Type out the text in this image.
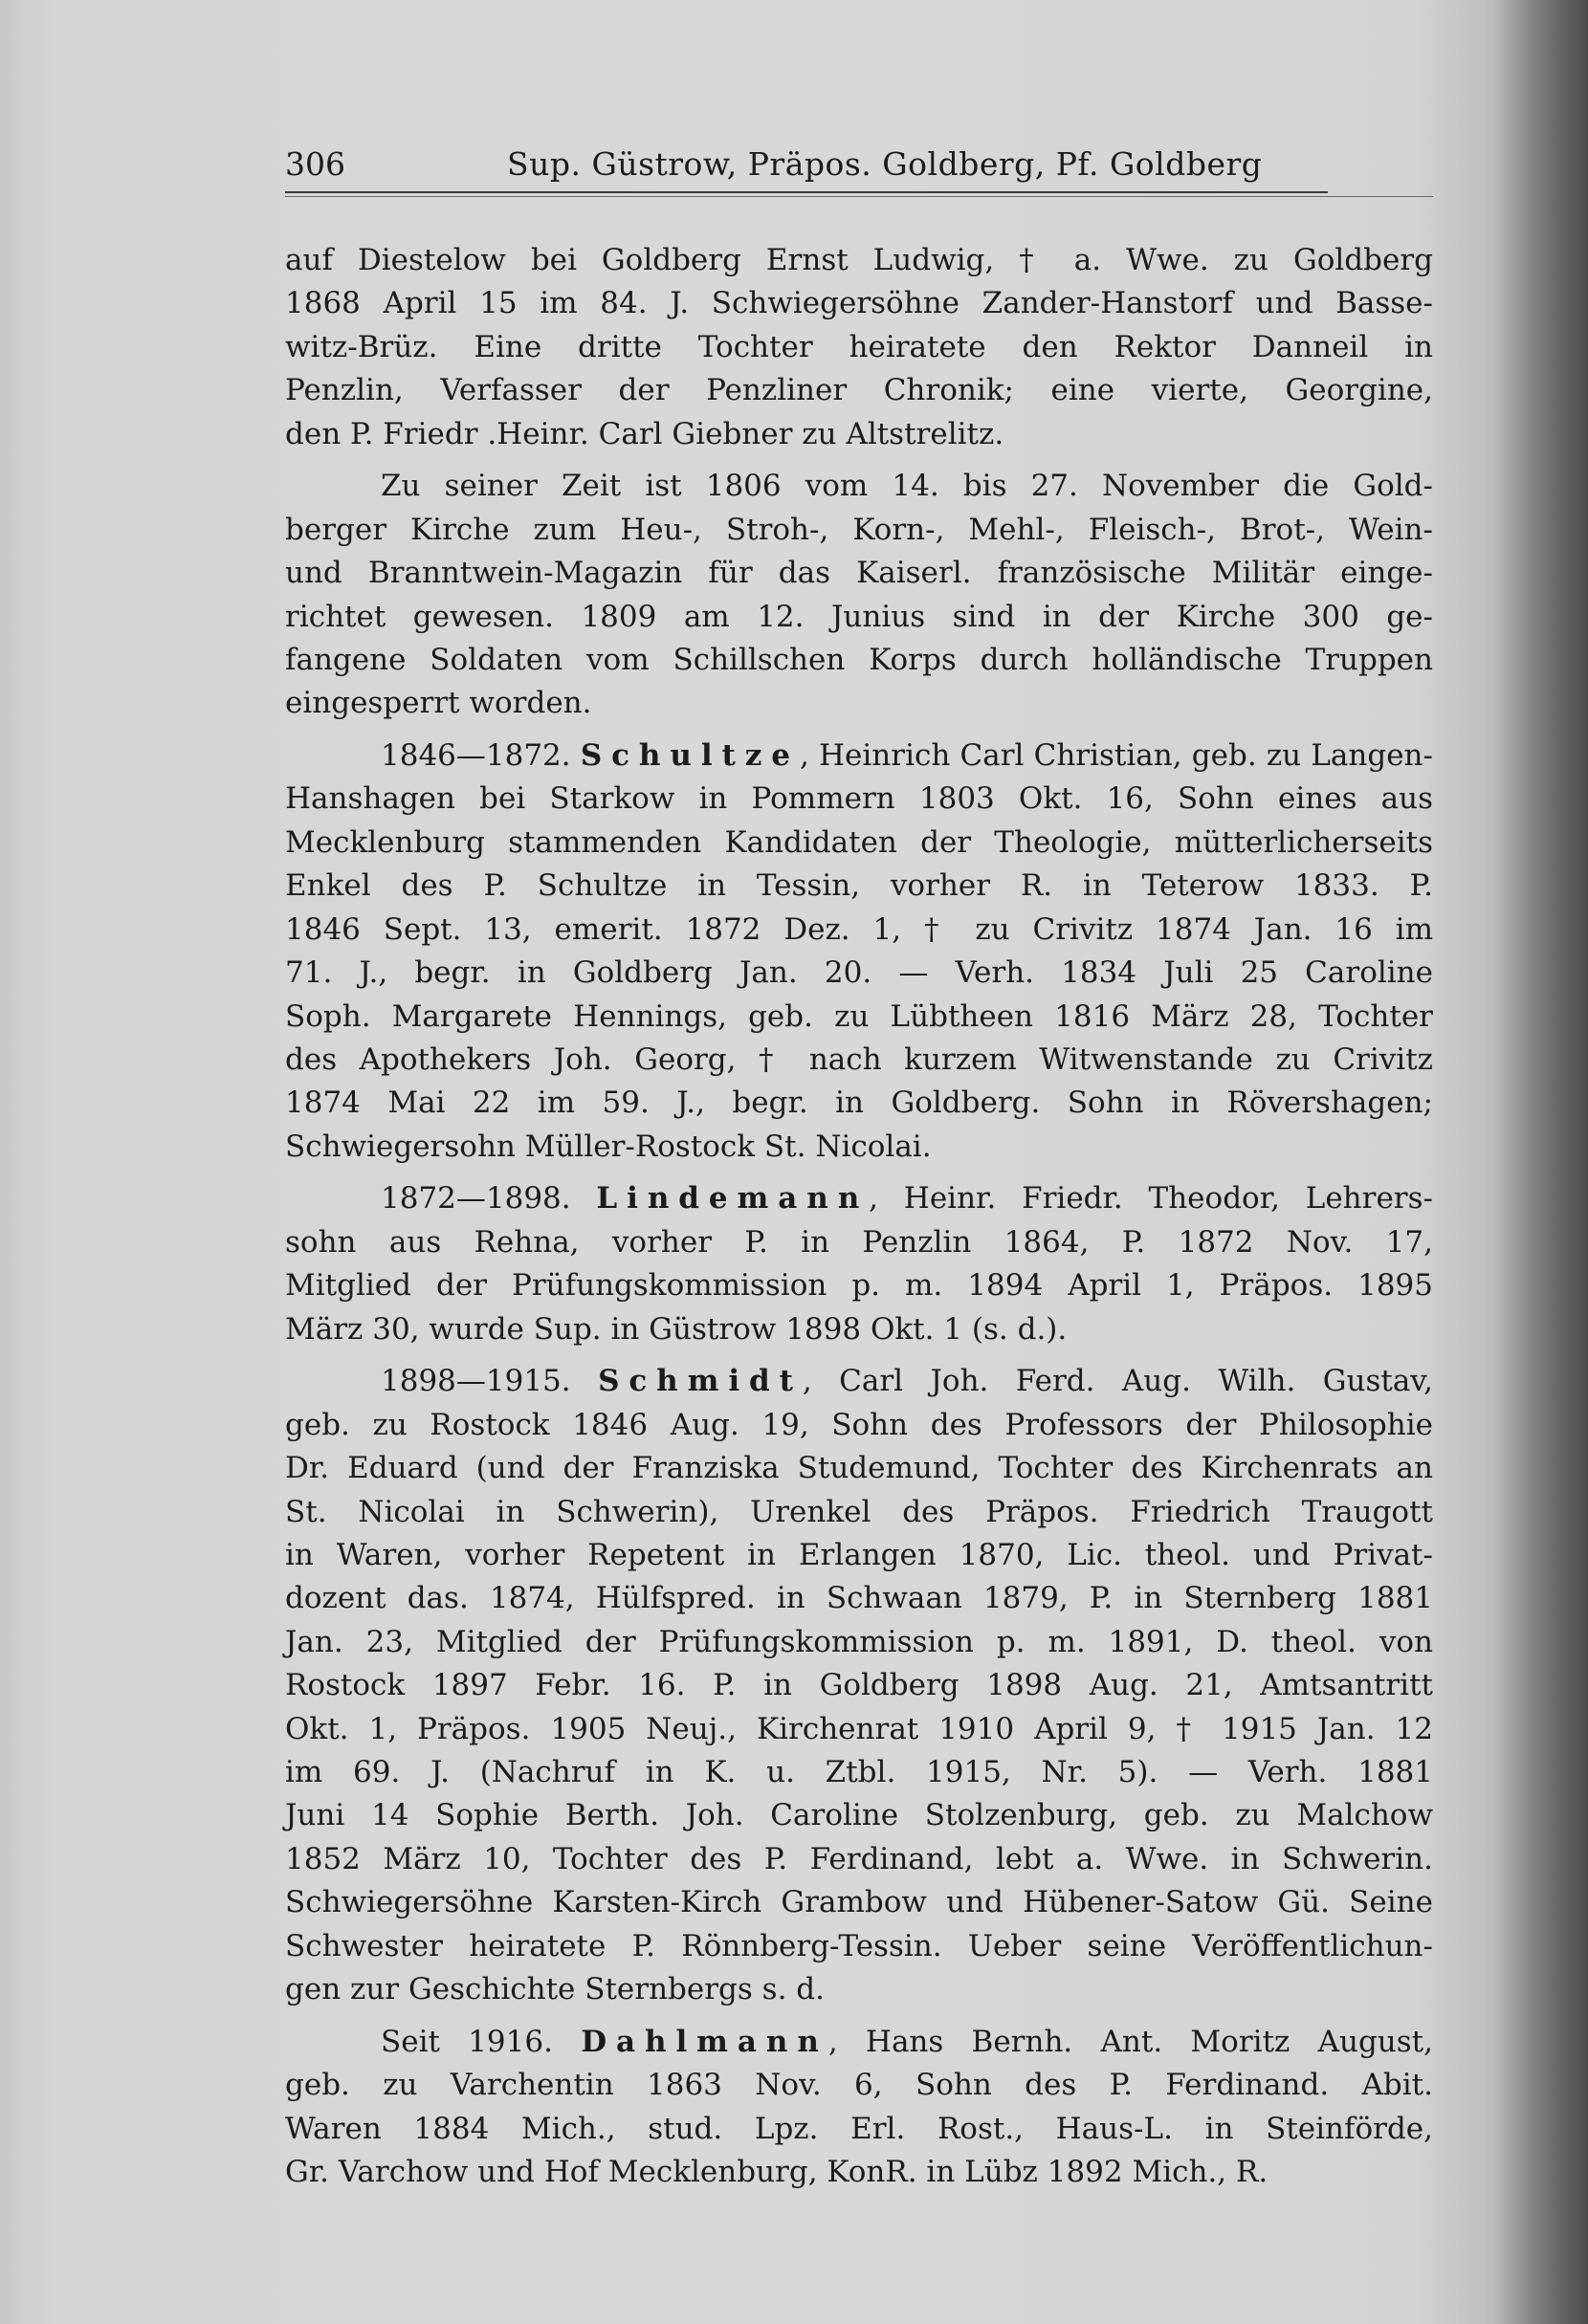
306	Sup. Güstrow, Präpos. Goldberg, Pf. Goldberg
auf Diestelow bei Goldberg Ernst Ludwig, † a. Wwe. zu Goldberg
1868 April 15 im 84. J. Schwiegersöhne Zander-Hanstorf und Basse-
witz-Brüz. Eine dritte Tochter heiratete den Rektor Danneil in
Penzlin, Verfasser der Penzliner Chronik; eine vierte, Georgine,
den P. Friedr .Heinr. Carl Giebner zu Altstrelitz.
Zu seiner Zeit ist 1806 vom 14. bis 27. November die Gold-
berger Kirche zum Heu-, Stroh-, Korn-, Mehl-, Fleisch-, Brot-, Wein-
und Branntwein-Magazin für das Kaiserl. französische Militär einge-
richtet gewesen. 1809 am 12. Junius sind in der Kirche 300 ge-
fangene Soldaten vom Schillschen Korps durch holländische Truppen
eingesperrt worden.
1846—1872. Schultze, Heinrich Carl Christian, geb. zu Langen-
Hanshagen bei Starkow in Pommern 1803 Okt. 16, Sohn eines aus
Mecklenburg stammenden Kandidaten der Theologie, mütterlicherseits
Enkel des P. Schultze in Tessin, vorher R. in Teterow 1833. P.
1846 Sept. 13, emerit. 1872 Dez. 1, † zu Crivitz 1874 Jan. 16 im
71. J., begr. in Goldberg Jan. 20. — Verh. 1834 Juli 25 Caroline
Soph. Margarete Hennings, geb. zu Lübtheen 1816 März 28, Tochter
des Apothekers Joh. Georg, † nach kurzem Witwenstande zu Crivitz
1874 Mai 22 im 59. J., begr. in Goldberg. Sohn in Rövershagen;
Schwiegersohn Müller-Rostock St. Nicolai.
1872—1898. Lindemann, Heinr. Friedr. Theodor, Lehrers-
sohn aus Rehna, vorher P. in Penzlin 1864, P. 1872 Nov. 17,
Mitglied der Prüfungskommission p. m. 1894 April 1, Präpos. 1895
März 30, wurde Sup. in Güstrow 1898 Okt. 1 (s. d.).
1898—1915. Schmidt, Carl Joh. Ferd. Aug. Wilh. Gustav,
geb. zu Rostock 1846 Aug. 19, Sohn des Professors der Philosophie
Dr. Eduard (und der Franziska Studemund, Tochter des Kirchenrats an
St. Nicolai in Schwerin), Urenkel des Präpos. Friedrich Traugott
in Waren, vorher Repetent in Erlangen 1870, Lic. theol. und Privat-
dozent das. 1874, Hülfspred. in Schwaan 1879, P. in Sternberg 1881
Jan. 23, Mitglied der Prüfungskommission p. m. 1891, D. theol. von
Rostock 1897 Febr. 16. P. in Goldberg 1898 Aug. 21, Amtsantritt
Okt. 1, Präpos. 1905 Neuj., Kirchenrat 1910 April 9, † 1915 Jan. 12
im 69. J. (Nachruf in K. u. Ztbl. 1915, Nr. 5). — Verh. 1881
Juni 14 Sophie Berth. Joh. Caroline Stolzenburg, geb. zu Malchow
1852 März 10, Tochter des P. Ferdinand, lebt a. Wwe. in Schwerin.
Schwiegersöhne Karsten-Kirch Grambow und Hübener-Satow Gü. Seine
Schwester heiratete P. Rönnberg-Tessin. Ueber seine Veröffentlichun-
gen zur Geschichte Sternbergs s. d.
Seit 1916. Dahlmann, Hans Bernh. Ant. Moritz August,
geb. zu Varchentin 1863 Nov. 6, Sohn des P. Ferdinand. Abit.
Waren 1884 Mich., stud. Lpz. Erl. Rost., Haus-L. in Steinförde,
Gr. Varchow und Hof Mecklenburg, KonR. in Lübz 1892 Mich., R.
